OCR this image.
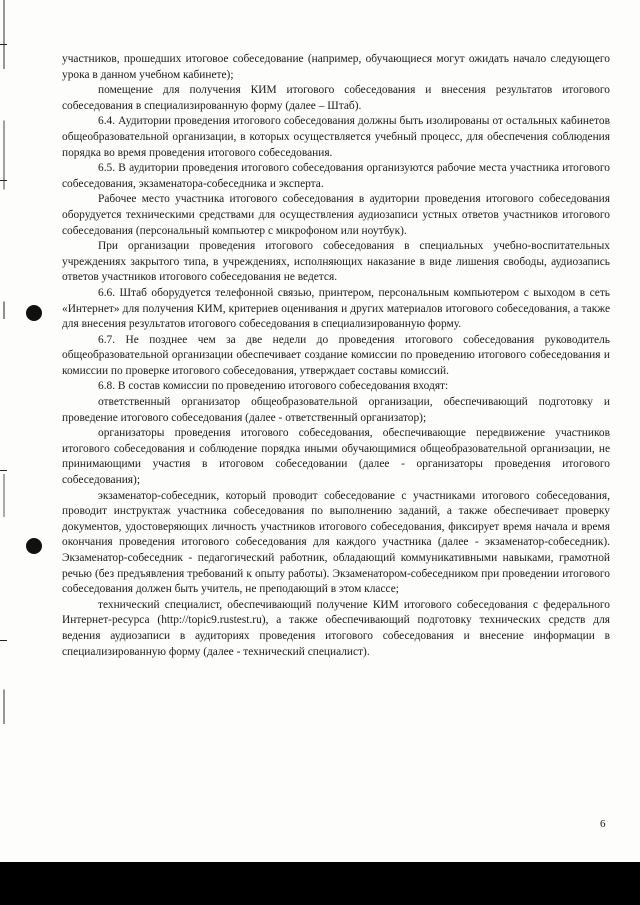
участников, прошедших итоговое собеседование (например, обучающиеся могут ожидать начало следующего урока в данном учебном кабинете);

помещение для получения КИМ итогового собеседования и внесения результатов итогового собеседования в специализированную форму (далее – Штаб).

6.4. Аудитории проведения итогового собеседования должны быть изолированы от остальных кабинетов общеобразовательной организации, в которых осуществляется учебный процесс, для обеспечения соблюдения порядка во время проведения итогового собеседования.

6.5. В аудитории проведения итогового собеседования организуются рабочие места участника итогового собеседования, экзаменатора-собеседника и эксперта.

Рабочее место участника итогового собеседования в аудитории проведения итогового собеседования оборудуется техническими средствами для осуществления аудиозаписи устных ответов участников итогового собеседования (персональный компьютер с микрофоном или ноутбук).

При организации проведения итогового собеседования в специальных учебно-воспитательных учреждениях закрытого типа, в учреждениях, исполняющих наказание в виде лишения свободы, аудиозапись ответов участников итогового собеседования не ведется.

6.6. Штаб оборудуется телефонной связью, принтером, персональным компьютером с выходом в сеть «Интернет» для получения КИМ, критериев оценивания и других материалов итогового собеседования, а также для внесения результатов итогового собеседования в специализированную форму.

6.7. Не позднее чем за две недели до проведения итогового собеседования руководитель общеобразовательной организации обеспечивает создание комиссии по проведению итогового собеседования и комиссии по проверке итогового собеседования, утверждает составы комиссий.

6.8. В состав комиссии по проведению итогового собеседования входят:

ответственный организатор общеобразовательной организации, обеспечивающий подготовку и проведение итогового собеседования (далее - ответственный организатор);

организаторы проведения итогового собеседования, обеспечивающие передвижение участников итогового собеседования и соблюдение порядка иными обучающимися общеобразовательной организации, не принимающими участия в итоговом собеседовании (далее - организаторы проведения итогового собеседования);

экзаменатор-собеседник, который проводит собеседование с участниками итогового собеседования, проводит инструктаж участника собеседования по выполнению заданий, а также обеспечивает проверку документов, удостоверяющих личность участников итогового собеседования, фиксирует время начала и время окончания проведения итогового собеседования для каждого участника (далее - экзаменатор-собеседник). Экзаменатор-собеседник - педагогический работник, обладающий коммуникативными навыками, грамотной речью (без предъявления требований к опыту работы). Экзаменатором-собеседником при проведении итогового собеседования должен быть учитель, не преподающий в этом классе;

технический специалист, обеспечивающий получение КИМ итогового собеседования с федерального Интернет-ресурса (http://topic9.rustest.ru), а также обеспечивающий подготовку технических средств для ведения аудиозаписи в аудиториях проведения итогового собеседования и внесение информации в специализированную форму (далее - технический специалист).

6
